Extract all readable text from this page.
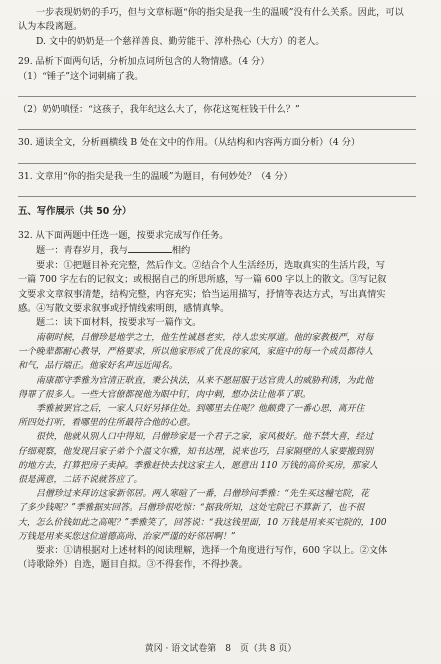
一步表现奶奶的手巧，但与文章标题“你的指尖是我一生的温暖”没有什么关系。因此，可以

认为本段离题。

D. 文中的奶奶是一个慈祥善良、勤劳能干、淳朴热心（大方）的老人。

29. 品析下面两句话，分析加点词所包含的人物情感。（4 分）

（1）“锤子”这个词刺痛了我。

（2）奶奶嗔怪：“这孩子，我年纪这么大了，你花这冤枉钱干什么？”

30. 通读全文，分析画横线 B 处在文中的作用。（从结构和内容两方面分析）（4 分）

31. 文章用“你的指尖是我一生的温暖”为题目，有何妙处？（4 分）

五、写作展示（共 50 分）

32. 从下面两题中任选一题，按要求完成写作任务。

题一：青春岁月，我与	相约

要求：①把题目补充完整，然后作文。②结合个人生活经历，选取真实的生活片段，写

一篇 700 字左右的记叙文；或根据自己的所思所感，写一篇 600 字以上的散文。③写记叙

文要求文章叙事清楚，结构完整，内容充实；恰当运用描写，抒情等表达方式，写出真情实

感。④写散文要求叙事或抒情线索明朗，感情真挚。

题二：读下面材料，按要求写一篇作文。

南朝时候，吕僧珍是地学之士，他生性诚恳老实，待人忠实厚道。他的家教极严，对每

一个晚辈都耐心教导，严格要求，所以他家形成了优良的家风，家庭中的每一个成员都待人

和气，品行端正。他家好名声远近闻名。

南康郡守季雅为官清正耿直，秉公执法，从来不愿屈服于达官贵人的威胁利诱，为此他

得罪了很多人。一些大官僚都视他为眼中钉，肉中刺，想办法让他革了职。

季雅被罢官之后，一家人只好另择住处。到哪里去住呢？他颇费了一番心思，离开住

所四处打听，看哪里的住所最符合他的心意。

很快，他就从别人口中得知，吕僧珍家是一个君子之家，家风极好。他不禁大喜，经过

仔细观察，他发现吕家子弟个个温文尔雅，知书达理，说来也巧，吕家隔壁的人家要搬到别

的地方去，打算把房子卖掉。季雅赶快去找这家主人，愿意出 110 万钱的高价买房，那家人

很是满意，二话不说就答应了。

吕僧珍过来拜访这家新邻居。两人寒暄了一番，吕僧珍问季雅：“先生买这幢宅院，花

了多少钱呢？”季雅据实回答。吕僧珍很吃惊：“据我所知，这处宅院已不算新了，也不很

大，怎么价钱如此之高呢？”季雅笑了，回答说：“我这钱里面，10 万钱是用来买宅院的，100

万钱是用来买您这位道德高尚、治家严谨的好邻居啊！”

要求：①请根据对上述材料的阅读理解，选择一个角度进行写作，600 字以上。②文体

（诗歌除外）自选，题目自拟。③不得套作，不得抄袭。

黄冈 · 语文试卷第　8　页（共 8 页）
